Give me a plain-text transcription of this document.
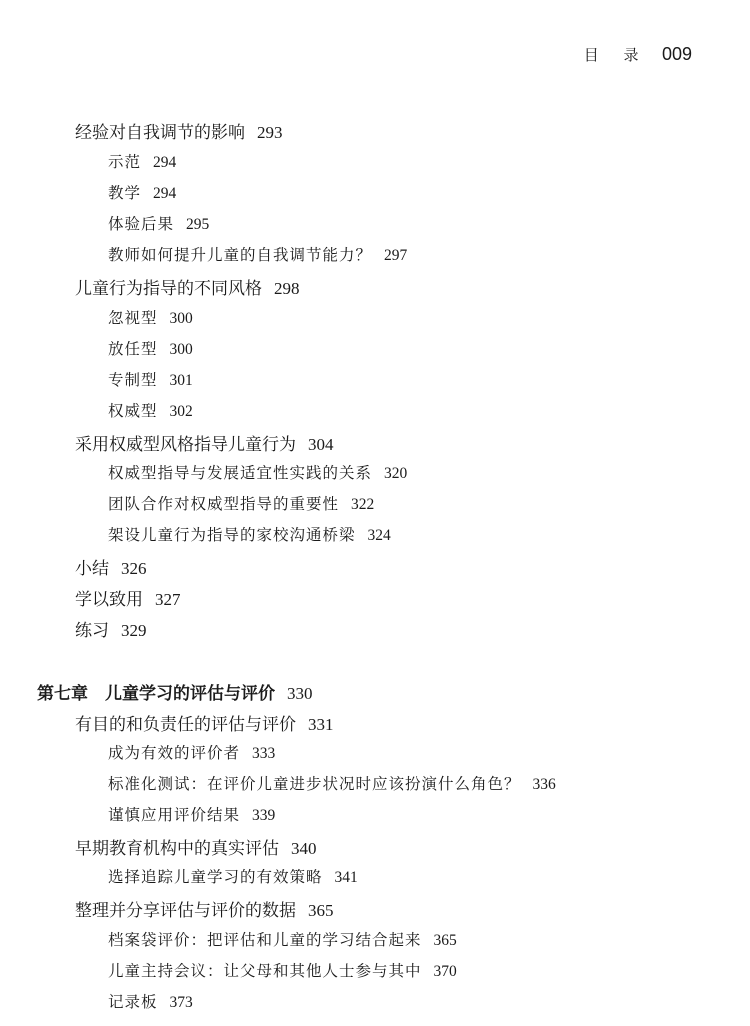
目 录 009
经验对自我调节的影响 293
示范 294
教学 294
体验后果 295
教师如何提升儿童的自我调节能力？ 297
儿童行为指导的不同风格 298
忽视型 300
放任型 300
专制型 301
权威型 302
采用权威型风格指导儿童行为 304
权威型指导与发展适宜性实践的关系 320
团队合作对权威型指导的重要性 322
架设儿童行为指导的家校沟通桥梁 324
小结 326
学以致用 327
练习 329
第七章　儿童学习的评估与评价 330
有目的和负责任的评估与评价 331
成为有效的评价者 333
标准化测试：在评价儿童进步状况时应该扮演什么角色？ 336
谨慎应用评价结果 339
早期教育机构中的真实评估 340
选择追踪儿童学习的有效策略 341
整理并分享评估与评价的数据 365
档案袋评价：把评估和儿童的学习结合起来 365
儿童主持会议：让父母和其他人士参与其中 370
记录板 373
